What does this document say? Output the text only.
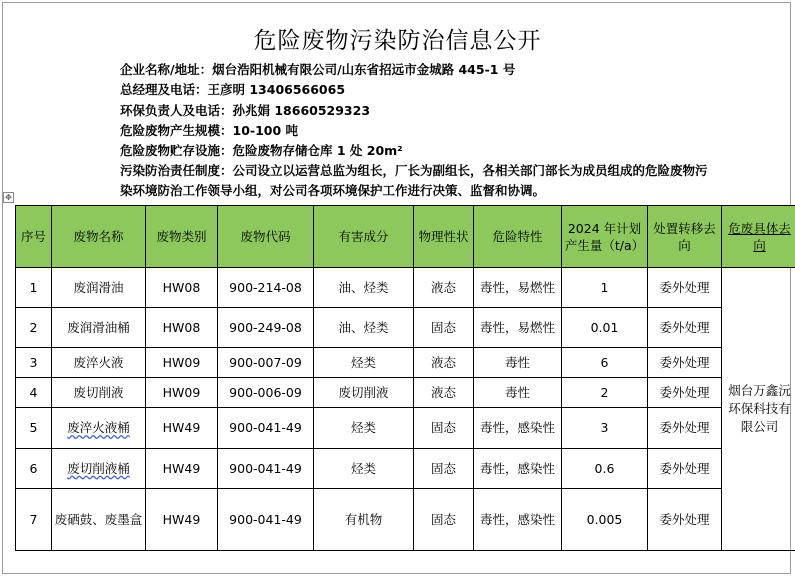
危险废物污染防治信息公开
企业名称/地址：烟台浩阳机械有限公司/山东省招远市金城路 445-1 号
总经理及电话：王彦明 13406566065
环保负责人及电话：孙兆娟 18660529323
危险废物产生规模：10-100 吨
危险废物贮存设施：危险废物存储仓库 1 处 20m²
污染防治责任制度：公司设立以运营总监为组长，厂长为副组长，各相关部门部长为成员组成的危险废物污染环境防治工作领导小组，对公司各项环境保护工作进行决策、监督和协调。
✥
序号	废物名称	废物类别	废物代码	有害成分	物理性状	危险特性	2024 年计划产生量（t/a）	处置转移去向	危废具体去向
1	废润滑油	HW08	900-214-08	油、烃类	液态	毒性，易燃性	1	委外处理	烟台万鑫沅环保科技有限公司
2	废润滑油桶	HW08	900-249-08	油、烃类	固态	毒性，易燃性	0.01	委外处理	
3	废淬火液	HW09	900-007-09	烃类	液态	毒性	6	委外处理	
4	废切削液	HW09	900-006-09	废切削液	液态	毒性	2	委外处理	
5	废淬火液桶	HW49	900-041-49	烃类	固态	毒性，感染性	3	委外处理	
6	废切削液桶	HW49	900-041-49	烃类	固态	毒性，感染性	0.6	委外处理	
7	废硒鼓、废墨盒	HW49	900-041-49	有机物	固态	毒性，感染性	0.005	委外处理	
